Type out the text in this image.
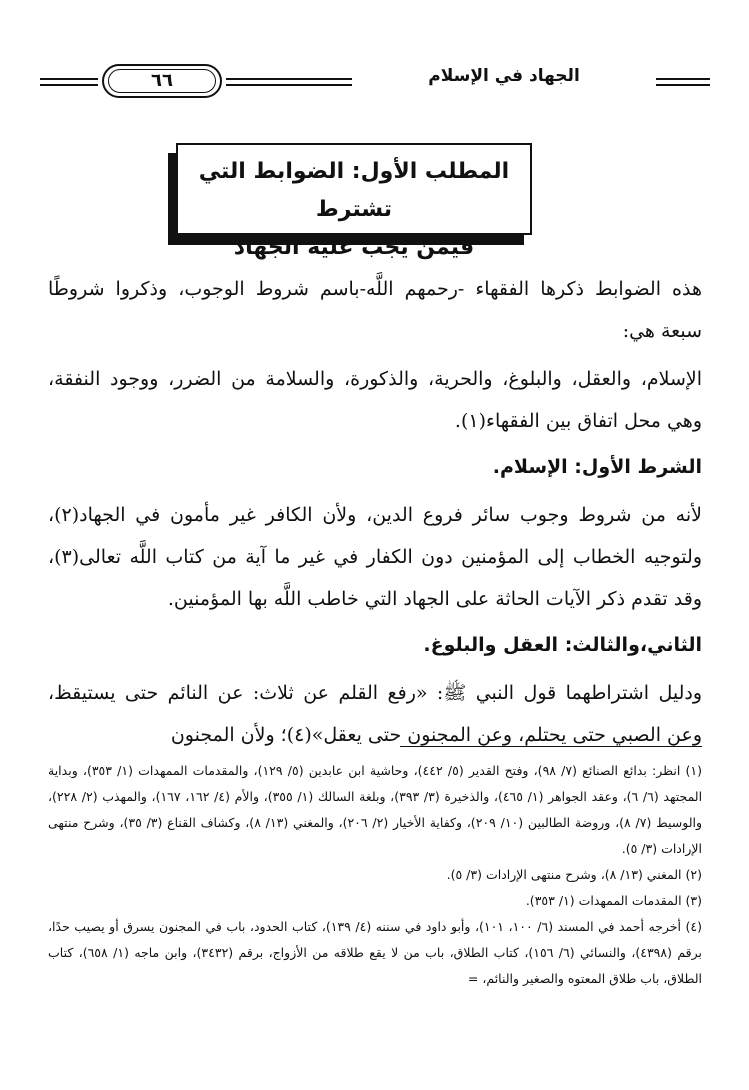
الجهاد في الإسلام
٦٦
المطلب الأول: الضوابط التي تشترط
فيمن يجب عليه الجهاد

هذه الضوابط ذكرها الفقهاء -رحمهم اللَّه-باسم شروط الوجوب، وذكروا شروطًا سبعة هي:

الإسلام، والعقل، والبلوغ، والحرية، والذكورة، والسلامة من الضرر، ووجود النفقة، وهي محل اتفاق بين الفقهاء(١).

الشرط الأول: الإسلام.

لأنه من شروط وجوب سائر فروع الدين، ولأن الكافر غير مأمون في الجهاد(٢)، ولتوجيه الخطاب إلى المؤمنين دون الكفار في غير ما آية من كتاب اللَّه تعالى(٣)، وقد تقدم ذكر الآيات الحاثة على الجهاد التي خاطب اللَّه بها المؤمنين.

الثاني،والثالث: العقل والبلوغ.

ودليل اشتراطهما قول النبي ﷺ: «رفع القلم عن ثلاث: عن النائم حتى يستيقظ، وعن الصبي حتى يحتلم، وعن المجنون حتى يعقل»(٤)؛ ولأن المجنون

(١) انظر: بدائع الصنائع (٧/ ٩٨)، وفتح القدير (٥/ ٤٤٢)، وحاشية ابن عابدين (٥/ ١٢٩)، والمقدمات الممهدات (١/ ٣٥٣)، وبداية المجتهد (٦/ ٦)، وعقد الجواهر (١/ ٤٦٥)، والذخيرة (٣/ ٣٩٣)، وبلغة السالك (١/ ٣٥٥)، والأم (٤/ ١٦٢، ١٦٧)، والمهذب (٢/ ٢٢٨)، والوسيط (٧/ ٨)، وروضة الطالبين (١٠/ ٢٠٩)، وكفاية الأخيار (٢/ ٢٠٦)، والمغني (١٣/ ٨)، وكشاف القناع (٣/ ٣٥)، وشرح منتهى الإرادات (٣/ ٥).

(٢) المغني (١٣/ ٨)، وشرح منتهى الإرادات (٣/ ٥).

(٣) المقدمات الممهدات (١/ ٣٥٣).

(٤) أخرجه أحمد في المسند (٦/ ١٠٠، ١٠١)، وأبو داود في سننه (٤/ ١٣٩)، كتاب الحدود، باب في المجنون يسرق أو يصيب حدًا، برقم (٤٣٩٨)، والنسائي (٦/ ١٥٦)، كتاب الطلاق، باب من لا يقع طلاقه من الأزواج، برقم (٣٤٣٢)، وابن ماجه (١/ ٦٥٨)، كتاب الطلاق، باب طلاق المعتوه والصغير والنائم، =
